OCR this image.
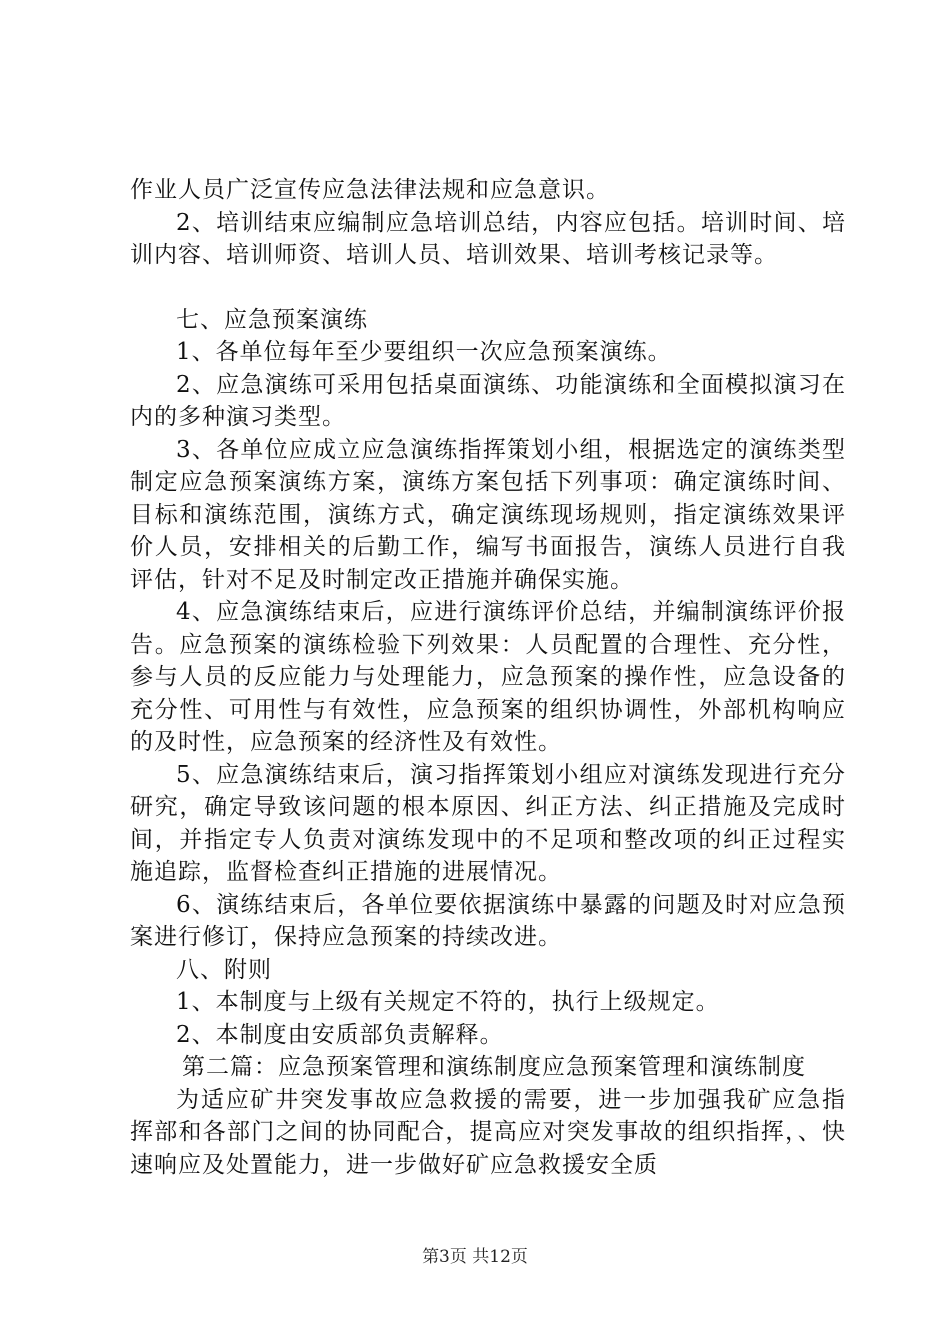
作业人员广泛宣传应急法律法规和应急意识。

2、培训结束应编制应急培训总结，内容应包括。培训时间、培训内容、培训师资、培训人员、培训效果、培训考核记录等。

七、应急预案演练

1、各单位每年至少要组织一次应急预案演练。

2、应急演练可采用包括桌面演练、功能演练和全面模拟演习在内的多种演习类型。

3、各单位应成立应急演练指挥策划小组，根据选定的演练类型制定应急预案演练方案，演练方案包括下列事项：确定演练时间、目标和演练范围，演练方式，确定演练现场规则，指定演练效果评价人员，安排相关的后勤工作，编写书面报告，演练人员进行自我评估，针对不足及时制定改正措施并确保实施。

4、应急演练结束后，应进行演练评价总结，并编制演练评价报告。应急预案的演练检验下列效果：人员配置的合理性、充分性，参与人员的反应能力与处理能力，应急预案的操作性，应急设备的充分性、可用性与有效性，应急预案的组织协调性，外部机构响应的及时性，应急预案的经济性及有效性。

5、应急演练结束后，演习指挥策划小组应对演练发现进行充分研究，确定导致该问题的根本原因、纠正方法、纠正措施及完成时间，并指定专人负责对演练发现中的不足项和整改项的纠正过程实施追踪，监督检查纠正措施的进展情况。

6、演练结束后，各单位要依据演练中暴露的问题及时对应急预案进行修订，保持应急预案的持续改进。

八、附则

1、本制度与上级有关规定不符的，执行上级规定。

2、本制度由安质部负责解释。

第二篇：应急预案管理和演练制度应急预案管理和演练制度

为适应矿井突发事故应急救援的需要，进一步加强我矿应急指挥部和各部门之间的协同配合，提高应对突发事故的组织指挥，、快速响应及处置能力，进一步做好矿应急救援安全质

第3页 共12页
